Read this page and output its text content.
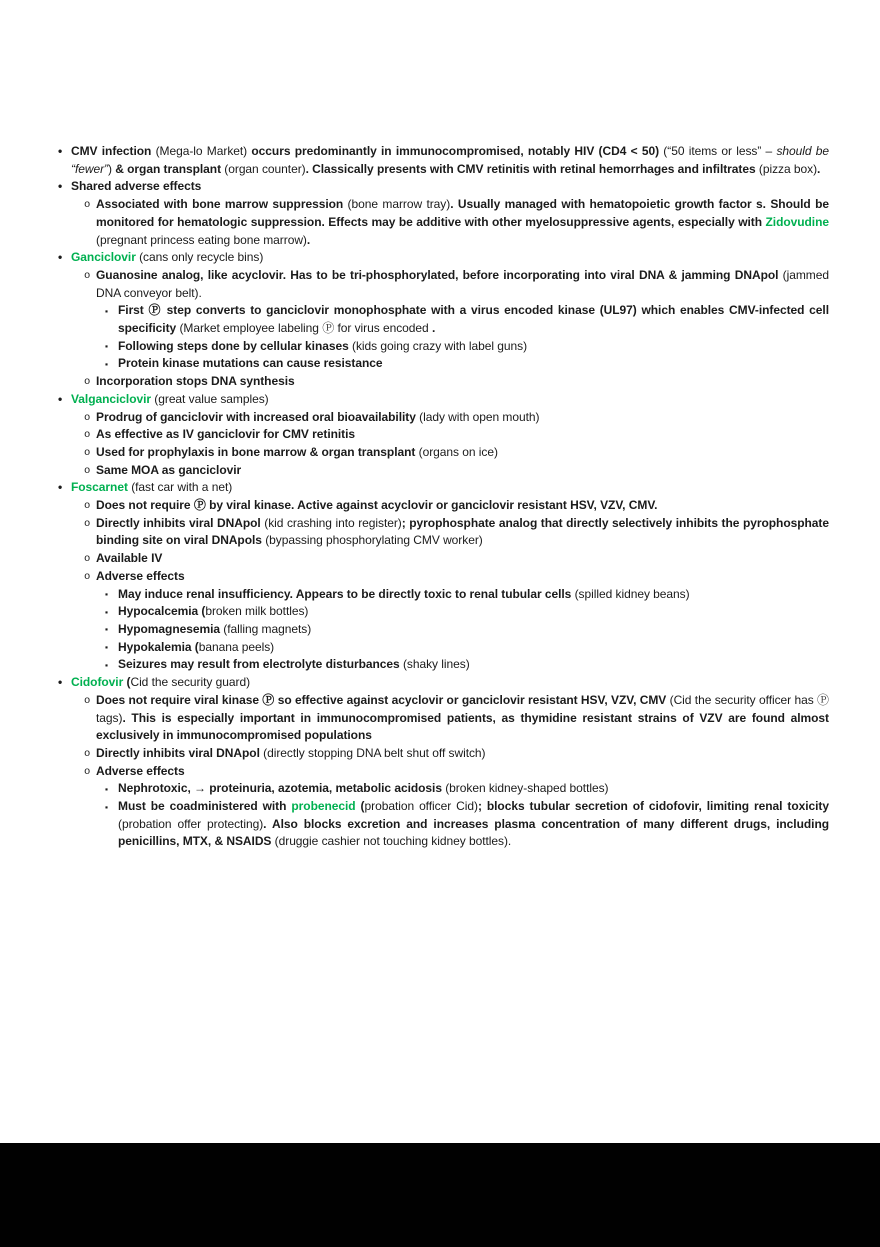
• CMV infection (Mega-lo Market) occurs predominantly in immunocompromised, notably HIV (CD4 < 50) (“50 items or less” – should be “fewer”) & organ transplant (organ counter). Classically presents with CMV retinitis with retinal hemorrhages and infiltrates (pizza box).
• Shared adverse effects
o Associated with bone marrow suppression (bone marrow tray). Usually managed with hematopoietic growth factor s. Should be monitored for hematologic suppression. Effects may be additive with other myelosuppressive agents, especially with Zidovudine (pregnant princess eating bone marrow).
• Ganciclovir (cans only recycle bins)
o Guanosine analog, like acyclovir. Has to be tri-phosphorylated, before incorporating into viral DNA & jamming DNApol (jammed DNA conveyor belt).
▪ First Ⓟ step converts to ganciclovir monophosphate with a virus encoded kinase (UL97) which enables CMV-infected cell specificity (Market employee labeling Ⓟ for virus encoded .
▪ Following steps done by cellular kinases (kids going crazy with label guns)
▪ Protein kinase mutations can cause resistance
o Incorporation stops DNA synthesis
• Valganciclovir (great value samples)
o Prodrug of ganciclovir with increased oral bioavailability (lady with open mouth)
o As effective as IV ganciclovir for CMV retinitis
o Used for prophylaxis in bone marrow & organ transplant (organs on ice)
o Same MOA as ganciclovir
• Foscarnet (fast car with a net)
o Does not require Ⓟ by viral kinase. Active against acyclovir or ganciclovir resistant HSV, VZV, CMV.
o Directly inhibits viral DNApol (kid crashing into register); pyrophosphate analog that directly selectively inhibits the pyrophosphate binding site on viral DNApols (bypassing phosphorylating CMV worker)
o Available IV
o Adverse effects
▪ May induce renal insufficiency. Appears to be directly toxic to renal tubular cells (spilled kidney beans)
▪ Hypocalcemia (broken milk bottles)
▪ Hypomagnesemia (falling magnets)
▪ Hypokalemia (banana peels)
▪ Seizures may result from electrolyte disturbances (shaky lines)
• Cidofovir (Cid the security guard)
o Does not require viral kinase Ⓟ so effective against acyclovir or ganciclovir resistant HSV, VZV, CMV (Cid the security officer has Ⓟ tags). This is especially important in immunocompromised patients, as thymidine resistant strains of VZV are found almost exclusively in immunocompromised populations
o Directly inhibits viral DNApol (directly stopping DNA belt shut off switch)
o Adverse effects
▪ Nephrotoxic, → proteinuria, azotemia, metabolic acidosis (broken kidney-shaped bottles)
▪ Must be coadministered with probenecid (probation officer Cid); blocks tubular secretion of cidofovir, limiting renal toxicity (probation offer protecting). Also blocks excretion and increases plasma concentration of many different drugs, including penicillins, MTX, & NSAIDS (druggie cashier not touching kidney bottles).
